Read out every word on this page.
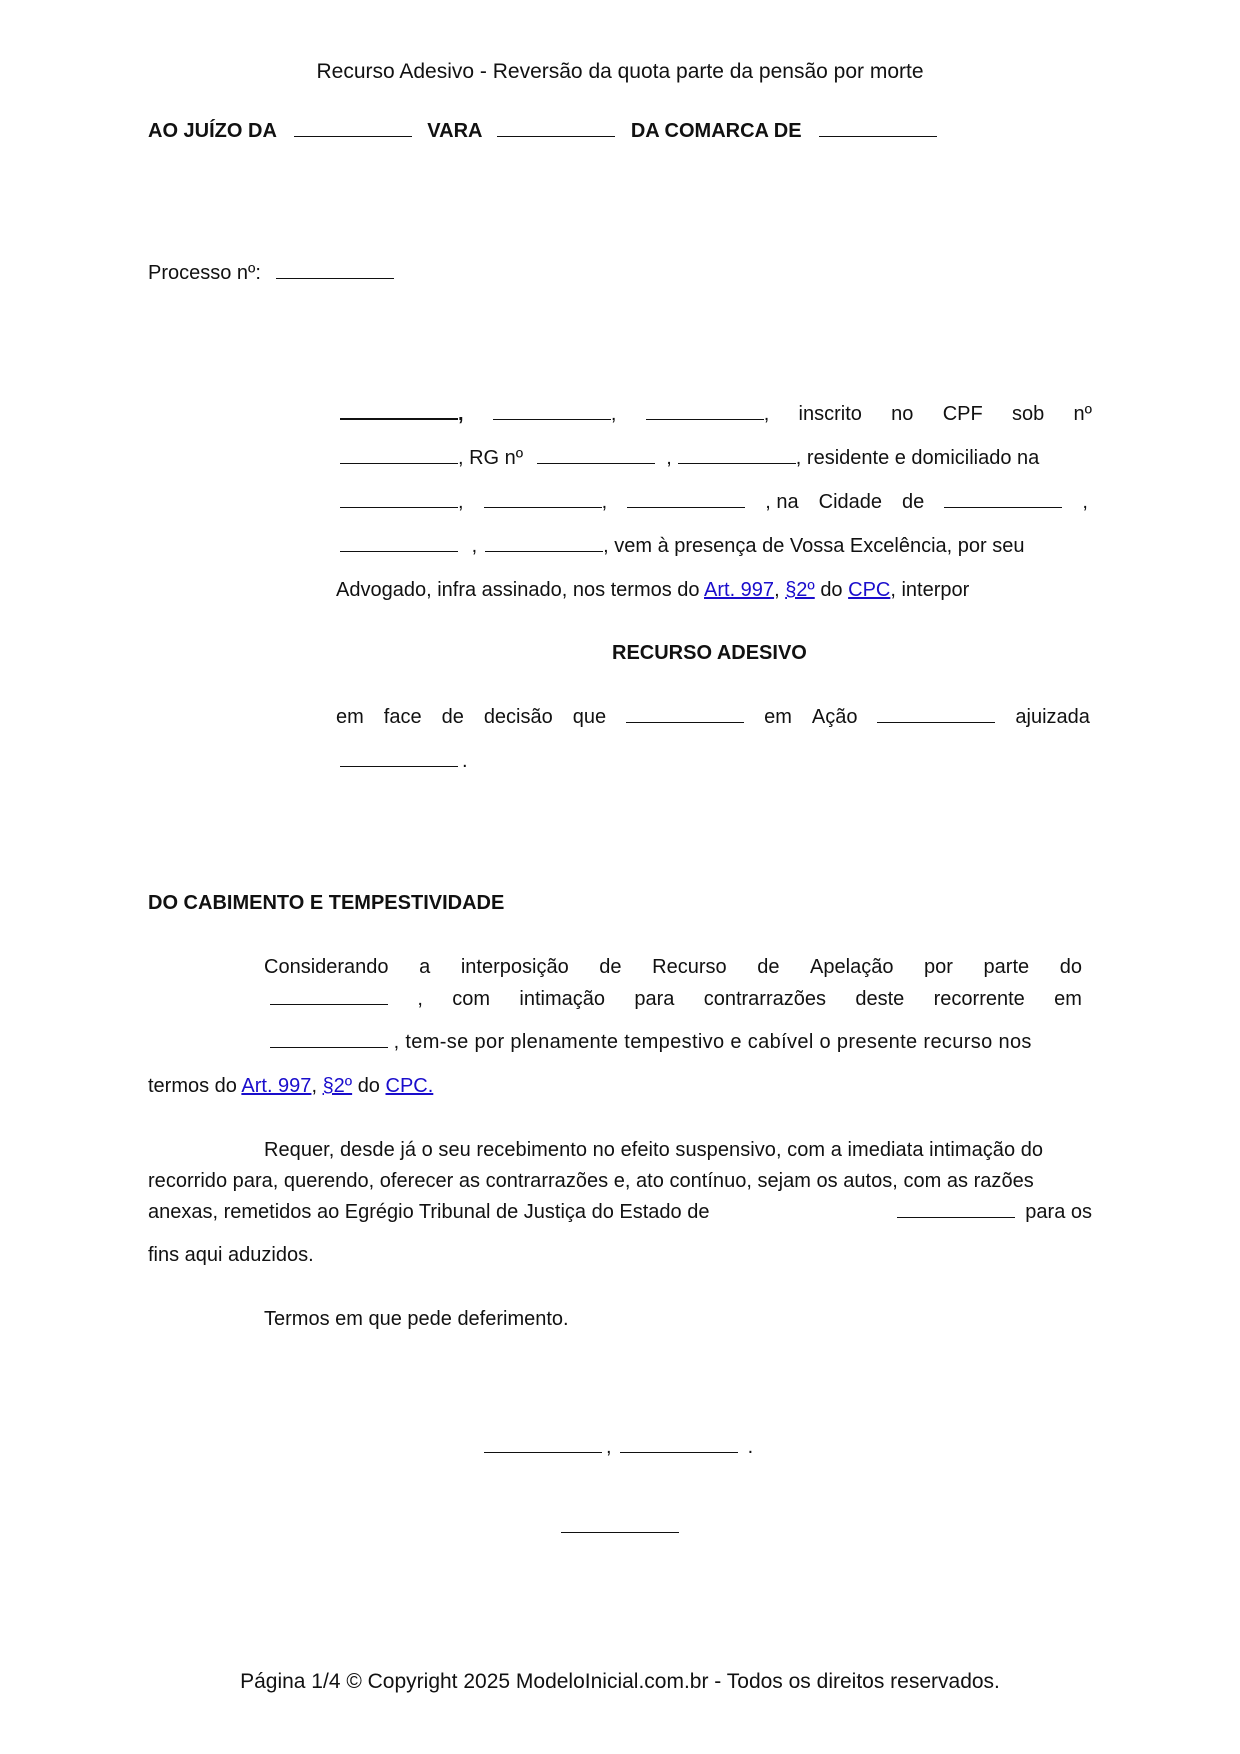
Recurso Adesivo - Reversão da quota parte da pensão por morte
AO JUÍZO DA	VARA	DA COMARCA DE
Processo nº:
,	,	, inscrito no CPF sob nº
, RG nº	,	, residente e domiciliado na
,	,	, na Cidade de	,
,	, vem à presença de Vossa Excelência, por seu
Advogado, infra assinado, nos termos do Art. 997, §2º do CPC, interpor
RECURSO ADESIVO
em face de decisão que	em Ação	ajuizada
.
DO CABIMENTO E TEMPESTIVIDADE
Considerando a interposição de Recurso de Apelação por parte do
, com intimação para contrarrazões deste recorrente em
, tem-se por plenamente tempestivo e cabível o presente recurso nos
termos do Art. 997, §2º do CPC.
Requer, desde já o seu recebimento no efeito suspensivo, com a imediata intimação do
recorrido para, querendo, oferecer as contrarrazões e, ato contínuo, sejam os autos, com as razões
anexas, remetidos ao Egrégio Tribunal de Justiça do Estado de	para os
fins aqui aduzidos.
Termos em que pede deferimento.
,	.
Página 1/4 © Copyright 2025 ModeloInicial.com.br - Todos os direitos reservados.
